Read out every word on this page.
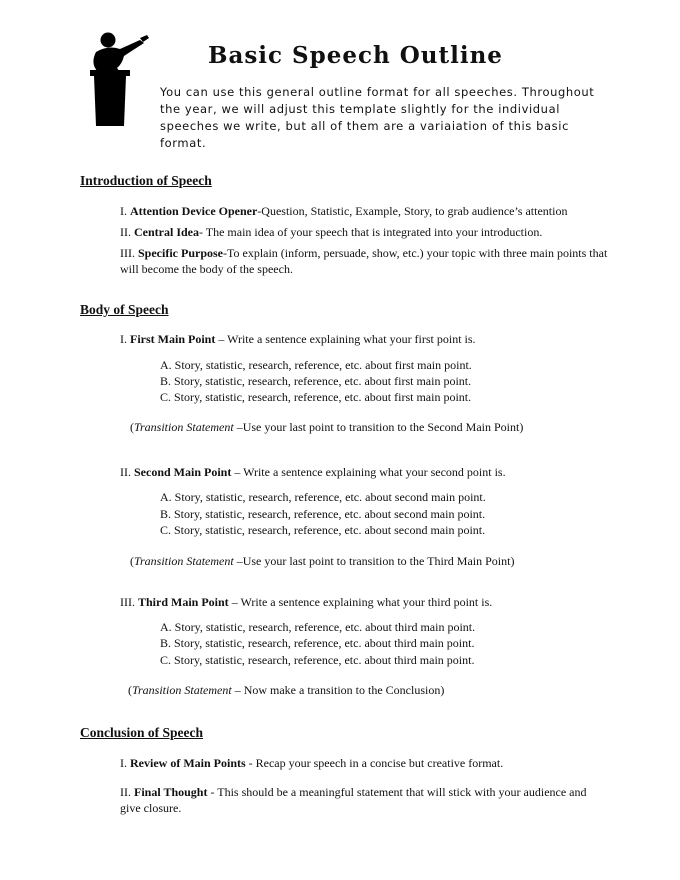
Basic Speech Outline

You can use this general outline format for all speeches. Throughout the year, we will adjust this template slightly for the individual speeches we write, but all of them are a variaiation of this basic format.

Introduction of Speech

I. Attention Device Opener-Question, Statistic, Example, Story, to grab audience’s attention

II. Central Idea- The main idea of your speech that is integrated into your introduction.

III. Specific Purpose-To explain (inform, persuade, show, etc.) your topic with three main points that will become the body of the speech.

Body of Speech

I. First Main Point – Write a sentence explaining what your first point is.

A. Story, statistic, research, reference, etc. about first main point.

B. Story, statistic, research, reference, etc. about first main point.

C. Story, statistic, research, reference, etc. about first main point.

(Transition Statement –Use your last point to transition to the Second Main Point)

II. Second Main Point – Write a sentence explaining what your second point is.

A. Story, statistic, research, reference, etc. about second main point.

B. Story, statistic, research, reference, etc. about second main point.

C. Story, statistic, research, reference, etc. about second main point.

(Transition Statement –Use your last point to transition to the Third Main Point)

III. Third Main Point – Write a sentence explaining what your third point is.

A. Story, statistic, research, reference, etc. about third main point.

B. Story, statistic, research, reference, etc. about third main point.

C. Story, statistic, research, reference, etc. about third main point.

(Transition Statement – Now make a transition to the Conclusion)

Conclusion of Speech

I. Review of Main Points - Recap your speech in a concise but creative format.

II. Final Thought - This should be a meaningful statement that will stick with your audience and give closure.
